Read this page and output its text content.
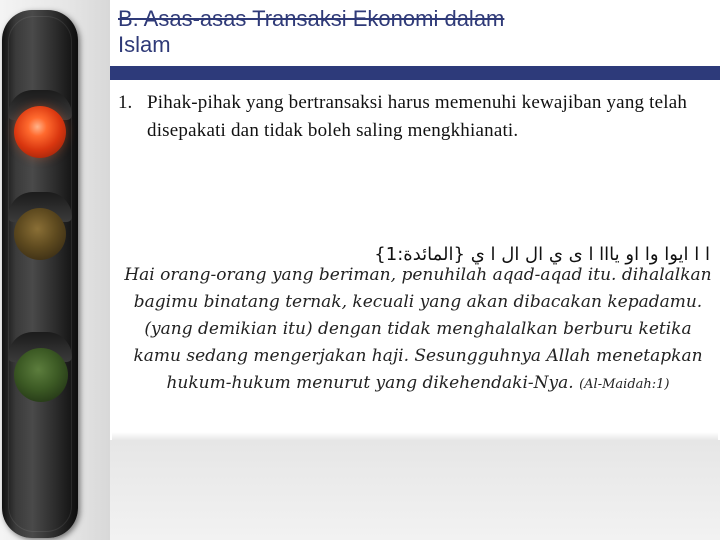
B. Asas-asas Transaksi Ekonomi dalam
Islam
1. Pihak-pihak yang bertransaksi harus memenuhi kewajiban yang telah disepakati dan tidak boleh saling mengkhianati.
ا ا ايوا وا او يااا ا ى ي ال ال ا ي {المائدة:1}
Hai orang-orang yang beriman, penuhilah aqad-aqad itu. dihalalkan bagimu binatang ternak, kecuali yang akan dibacakan kepadamu. (yang demikian itu) dengan tidak menghalalkan berburu ketika kamu sedang mengerjakan haji. Sesungguhnya Allah menetapkan hukum-hukum menurut yang dikehendaki-Nya. (Al-Maidah:1)
